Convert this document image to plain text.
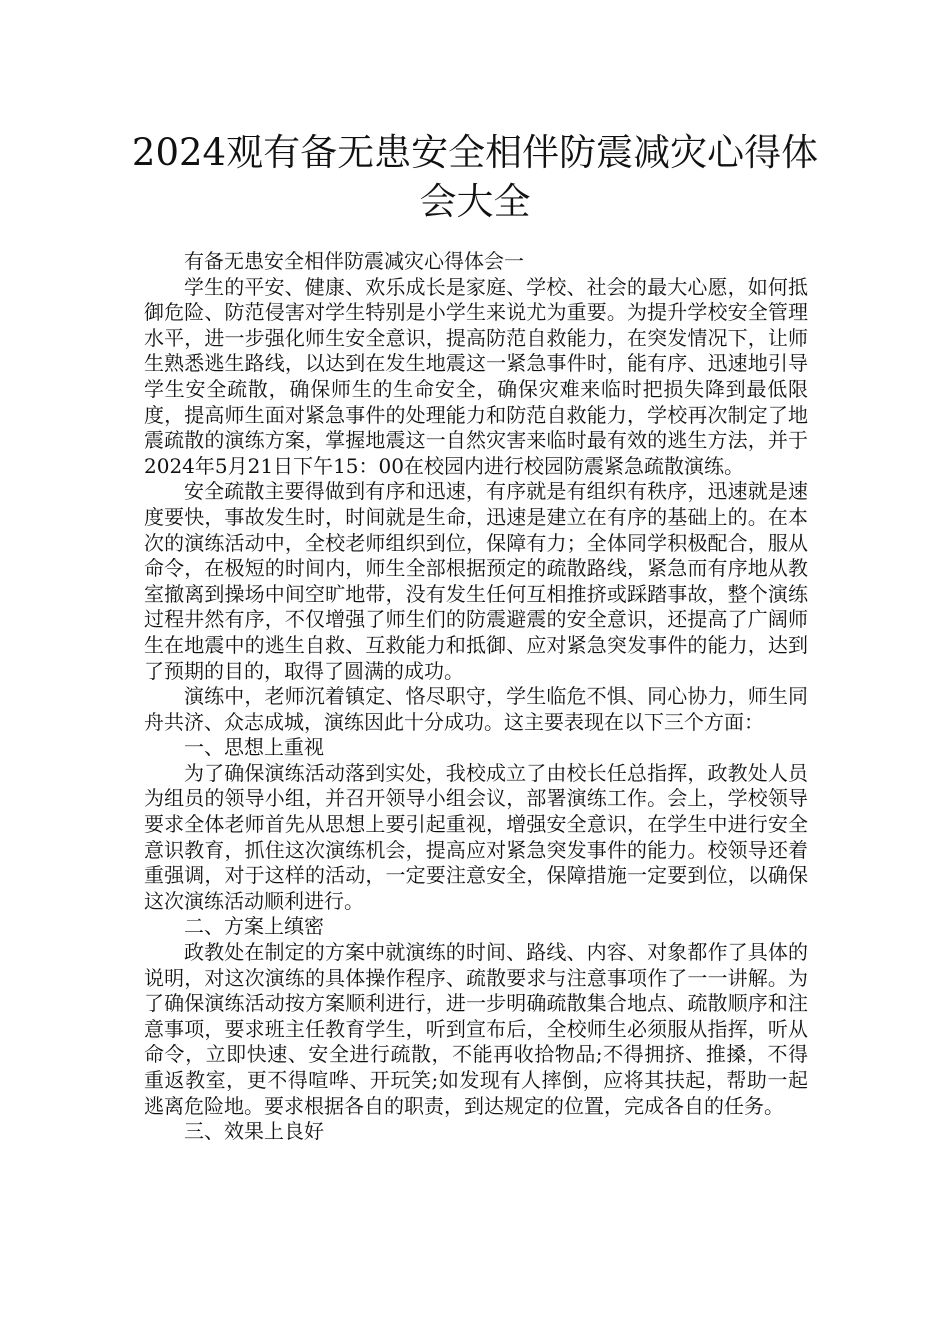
2024观有备无患安全相伴防震减灾心得体会大全

有备无患安全相伴防震减灾心得体会一

学生的平安、健康、欢乐成长是家庭、学校、社会的最大心愿，如何抵御危险、防范侵害对学生特别是小学生来说尤为重要。为提升学校安全管理水平，进一步强化师生安全意识，提高防范自救能力，在突发情况下，让师生熟悉逃生路线，以达到在发生地震这一紧急事件时，能有序、迅速地引导学生安全疏散，确保师生的生命安全，确保灾难来临时把损失降到最低限度，提高师生面对紧急事件的处理能力和防范自救能力，学校再次制定了地震疏散的演练方案，掌握地震这一自然灾害来临时最有效的逃生方法，并于2024年5月21日下午15：00在校园内进行校园防震紧急疏散演练。

安全疏散主要得做到有序和迅速，有序就是有组织有秩序，迅速就是速度要快，事故发生时，时间就是生命，迅速是建立在有序的基础上的。在本次的演练活动中，全校老师组织到位，保障有力；全体同学积极配合，服从命令，在极短的时间内，师生全部根据预定的疏散路线，紧急而有序地从教室撤离到操场中间空旷地带，没有发生任何互相推挤或踩踏事故，整个演练过程井然有序，不仅增强了师生们的防震避震的安全意识，还提高了广阔师生在地震中的逃生自救、互救能力和抵御、应对紧急突发事件的能力，达到了预期的目的，取得了圆满的成功。

演练中，老师沉着镇定、恪尽职守，学生临危不惧、同心协力，师生同舟共济、众志成城，演练因此十分成功。这主要表现在以下三个方面：

一、思想上重视

为了确保演练活动落到实处，我校成立了由校长任总指挥，政教处人员为组员的领导小组，并召开领导小组会议，部署演练工作。会上，学校领导要求全体老师首先从思想上要引起重视，增强安全意识，在学生中进行安全意识教育，抓住这次演练机会，提高应对紧急突发事件的能力。校领导还着重强调，对于这样的活动，一定要注意安全，保障措施一定要到位，以确保这次演练活动顺利进行。

二、方案上缜密

政教处在制定的方案中就演练的时间、路线、内容、对象都作了具体的说明，对这次演练的具体操作程序、疏散要求与注意事项作了一一讲解。为了确保演练活动按方案顺利进行，进一步明确疏散集合地点、疏散顺序和注意事项，要求班主任教育学生，听到宣布后，全校师生必须服从指挥，听从命令，立即快速、安全进行疏散，不能再收拾物品;不得拥挤、推搡，不得重返教室，更不得喧哗、开玩笑;如发现有人摔倒，应将其扶起，帮助一起逃离危险地。要求根据各自的职责，到达规定的位置，完成各自的任务。

三、效果上良好
